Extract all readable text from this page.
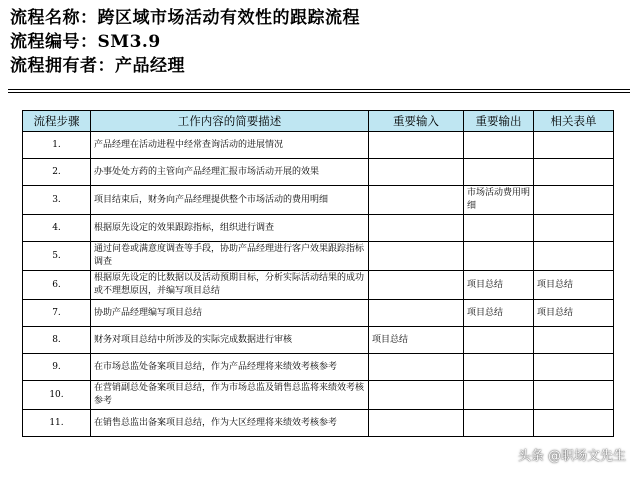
流程名称：跨区域市场活动有效性的跟踪流程
流程编号：SM3.9
流程拥有者：产品经理
流程步骤	工作内容的简要描述	重要输入	重要输出	相关表单
1.	产品经理在活动进程中经常查询活动的进展情况			
2.	办事处处方药的主管向产品经理汇报市场活动开展的效果			
3.	项目结束后，财务向产品经理提供整个市场活动的费用明细		市场活动费用明细	
4.	根据原先设定的效果跟踪指标，组织进行调查			
5.	通过问卷或满意度调查等手段，协助产品经理进行客户效果跟踪指标调查			
6.	根据原先设定的比数据以及活动预期目标，分析实际活动结果的成功或不理想原因，并编写项目总结		项目总结	项目总结
7.	协助产品经理编写项目总结		项目总结	项目总结
8.	财务对项目总结中所涉及的实际完成数据进行审核	项目总结		
9.	在市场总监处备案项目总结，作为产品经理将来绩效考核参考			
10.	在营销副总处备案项目总结，作为市场总监及销售总监将来绩效考核参考			
11.	在销售总监出备案项目总结，作为大区经理将来绩效考核参考			
头条 @职场文先生
